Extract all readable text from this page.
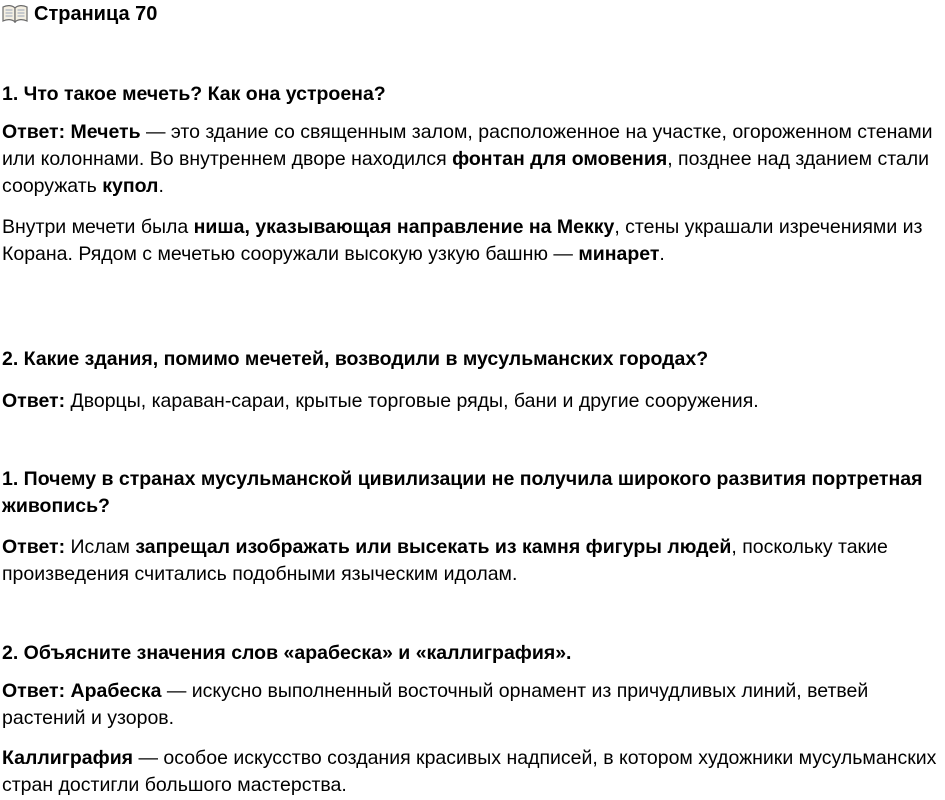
Страница 70

1. Что такое мечеть? Как она устроена?

Ответ: Мечеть — это здание со священным залом, расположенное на участке, огороженном стенами или колоннами. Во внутреннем дворе находился фонтан для омовения, позднее над зданием стали сооружать купол.

Внутри мечети была ниша, указывающая направление на Мекку, стены украшали изречениями из Корана. Рядом с мечетью сооружали высокую узкую башню — минарет.

2. Какие здания, помимо мечетей, возводили в мусульманских городах?

Ответ: Дворцы, караван-сараи, крытые торговые ряды, бани и другие сооружения.

1. Почему в странах мусульманской цивилизации не получила широкого развития портретная живопись?

Ответ: Ислам запрещал изображать или высекать из камня фигуры людей, поскольку такие произведения считались подобными языческим идолам.

2. Объясните значения слов «арабеска» и «каллиграфия».

Ответ: Арабеска — искусно выполненный восточный орнамент из причудливых линий, ветвей растений и узоров.

Каллиграфия — особое искусство создания красивых надписей, в котором художники мусульманских стран достигли большого мастерства.
